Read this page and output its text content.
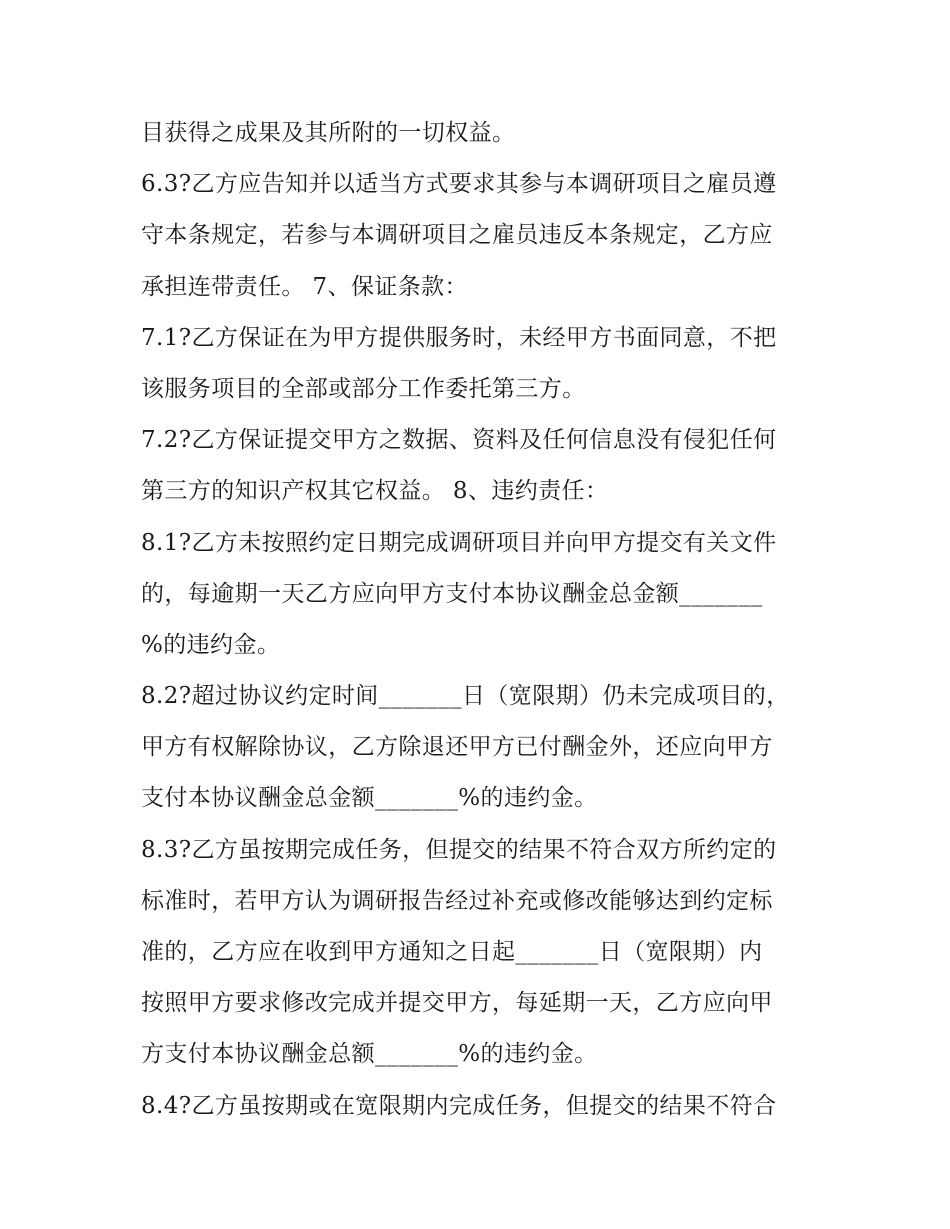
目获得之成果及其所附的一切权益。
6.3?乙方应告知并以适当方式要求其参与本调研项目之雇员遵
守本条规定，若参与本调研项目之雇员违反本条规定，乙方应
承担连带责任。 7、保证条款：
7.1?乙方保证在为甲方提供服务时，未经甲方书面同意，不把
该服务项目的全部或部分工作委托第三方。
7.2?乙方保证提交甲方之数据、资料及任何信息没有侵犯任何
第三方的知识产权其它权益。 8、违约责任：
8.1?乙方未按照约定日期完成调研项目并向甲方提交有关文件
的，每逾期一天乙方应向甲方支付本协议酬金总金额_______
%的违约金。
8.2?超过协议约定时间_______日（宽限期）仍未完成项目的，
甲方有权解除协议，乙方除退还甲方已付酬金外，还应向甲方
支付本协议酬金总金额_______%的违约金。
8.3?乙方虽按期完成任务，但提交的结果不符合双方所约定的
标准时，若甲方认为调研报告经过补充或修改能够达到约定标
准的，乙方应在收到甲方通知之日起_______日（宽限期）内
按照甲方要求修改完成并提交甲方，每延期一天，乙方应向甲
方支付本协议酬金总额_______%的违约金。
8.4?乙方虽按期或在宽限期内完成任务，但提交的结果不符合
